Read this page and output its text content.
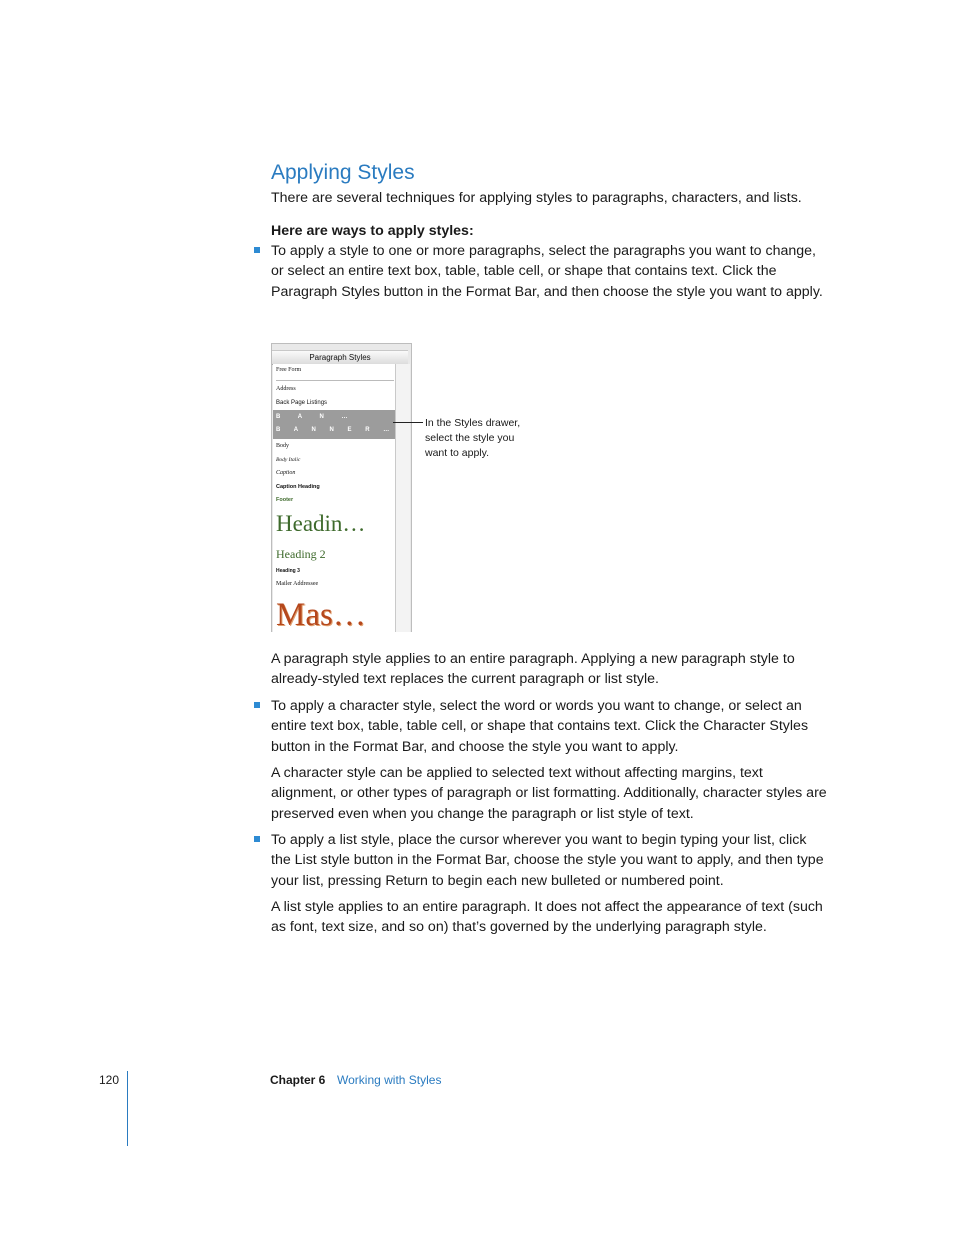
Applying Styles
There are several techniques for applying styles to paragraphs, characters, and lists.
Here are ways to apply styles:
To apply a style to one or more paragraphs, select the paragraphs you want to change, or select an entire text box, table, table cell, or shape that contains text. Click the Paragraph Styles button in the Format Bar, and then choose the style you want to apply.
Paragraph Styles
Free Form
Address
Back Page Listings
B A N …
B A N N E R …
Body
Body Italic
Caption
Caption Heading
Footer
Headin…
Heading 2
Heading 3
Mailer Addressee
Mas…
In the Styles drawer, select the style you want to apply.
A paragraph style applies to an entire paragraph. Applying a new paragraph style to already-styled text replaces the current paragraph or list style.
To apply a character style, select the word or words you want to change, or select an entire text box, table, table cell, or shape that contains text. Click the Character Styles button in the Format Bar, and choose the style you want to apply.
A character style can be applied to selected text without affecting margins, text alignment, or other types of paragraph or list formatting. Additionally, character styles are preserved even when you change the paragraph or list style of text.
To apply a list style, place the cursor wherever you want to begin typing your list, click the List style button in the Format Bar, choose the style you want to apply, and then type your list, pressing Return to begin each new bulleted or numbered point.
A list style applies to an entire paragraph. It does not affect the appearance of text (such as font, text size, and so on) that’s governed by the underlying paragraph style.
120	Chapter 6 Working with Styles
